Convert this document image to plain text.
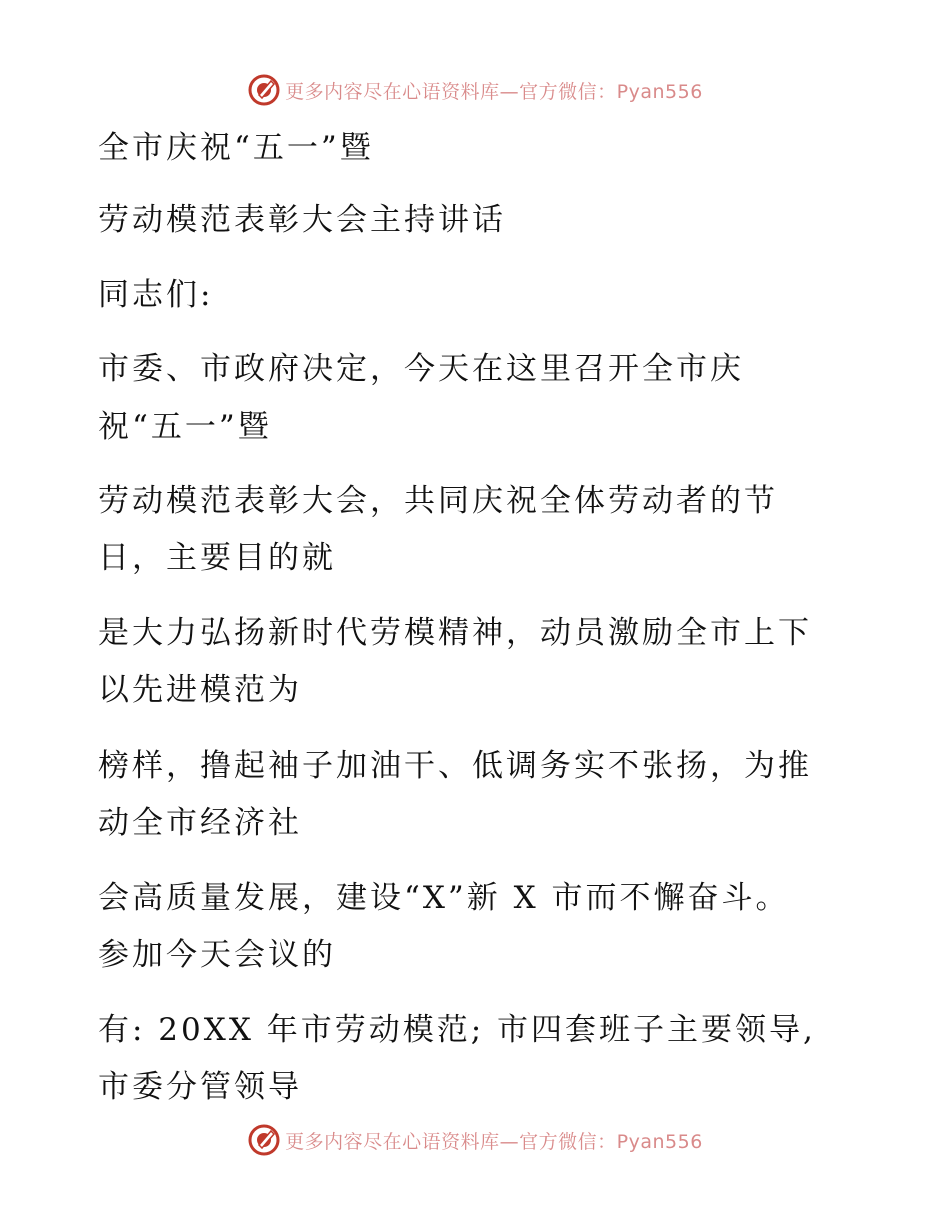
更多内容尽在心语资料库—官方微信：Pyan556

全市庆祝“五一”暨

劳动模范表彰大会主持讲话

同志们:

市委、市政府决定，今天在这里召开全市庆

祝“五一”暨

劳动模范表彰大会，共同庆祝全体劳动者的节

日，主要目的就

是大力弘扬新时代劳模精神，动员激励全市上下

以先进模范为

榜样，撸起袖子加油干、低调务实不张扬，为推

动全市经济社

会高质量发展，建设“X”新 X 市而不懈奋斗。

参加今天会议的

有: 20XX 年市劳动模范; 市四套班子主要领导,

市委分管领导

更多内容尽在心语资料库—官方微信：Pyan556
